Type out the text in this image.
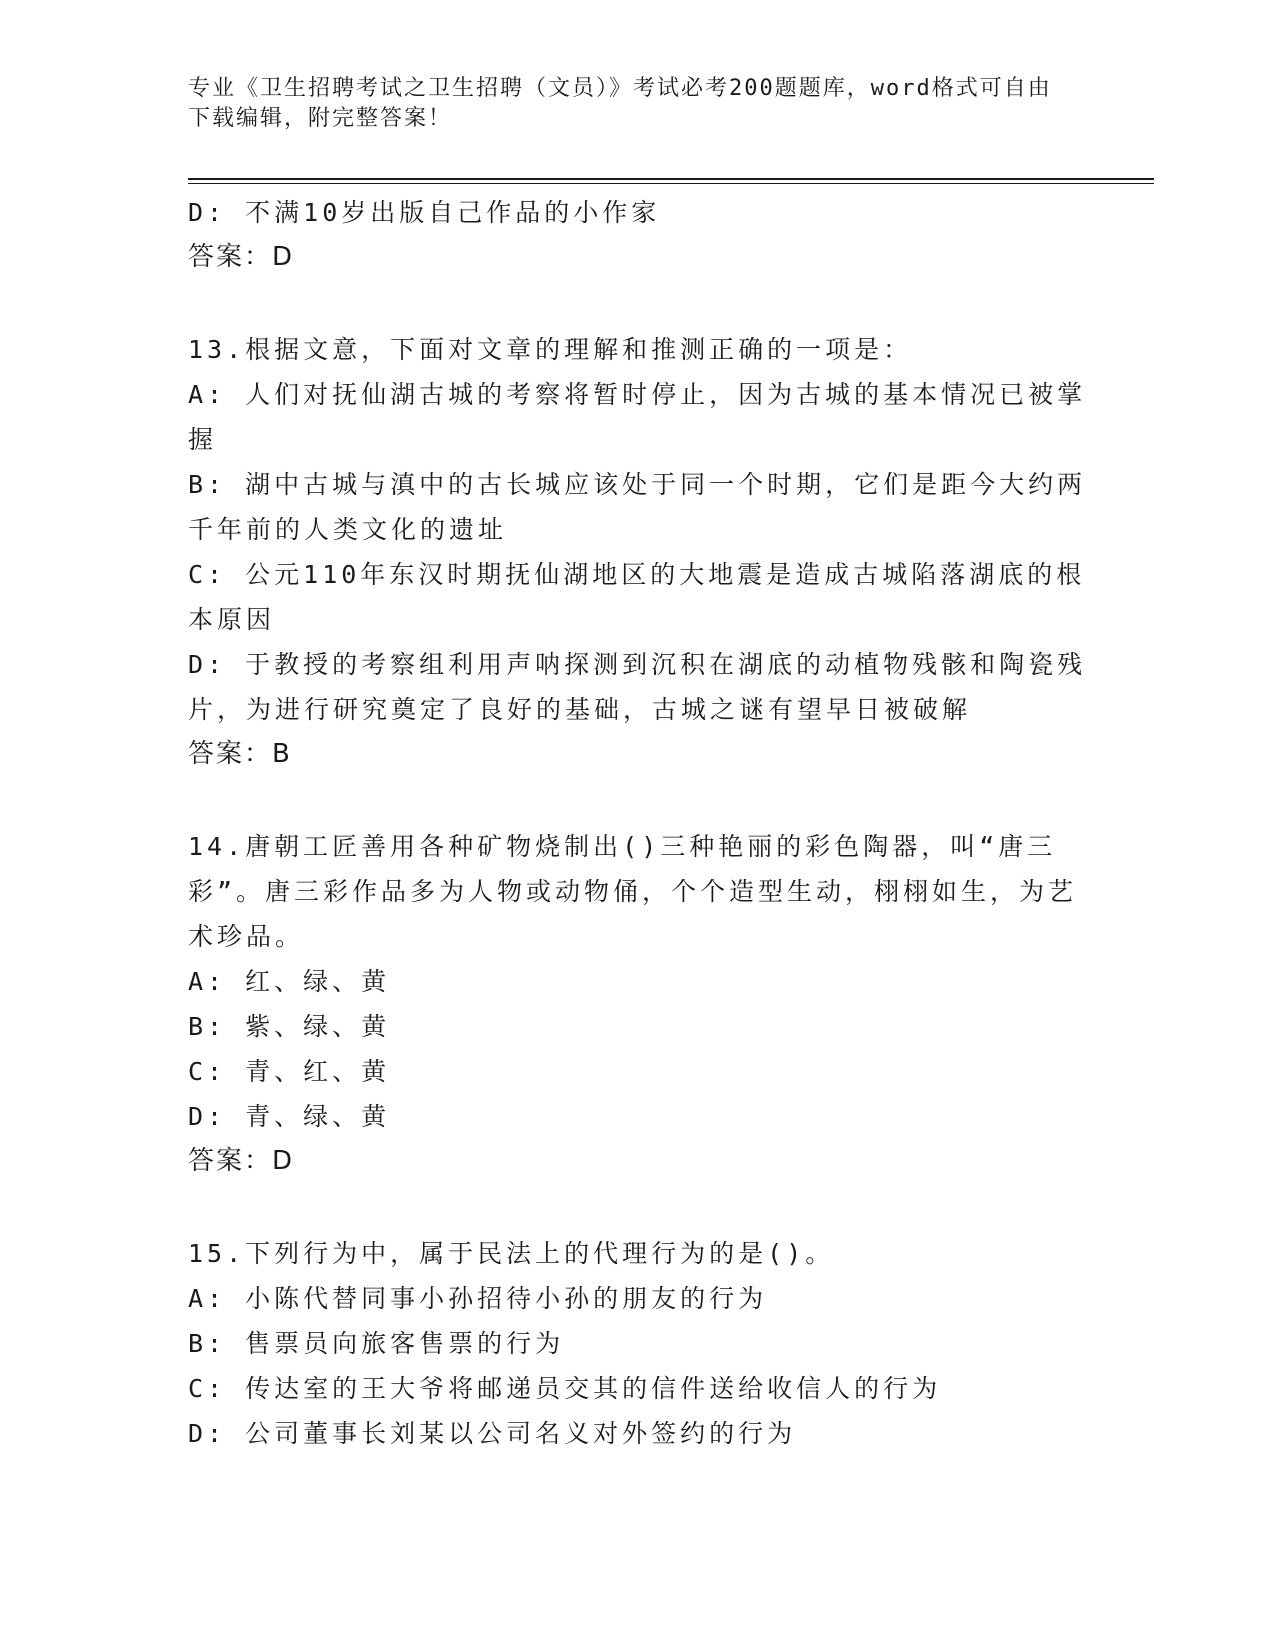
专业《卫生招聘考试之卫生招聘（文员）》考试必考200题题库，word格式可自由下载编辑，附完整答案！
D: 不满10岁出版自己作品的小作家
答案：D
13.根据文意，下面对文章的理解和推测正确的一项是：
A: 人们对抚仙湖古城的考察将暂时停止，因为古城的基本情况已被掌握
B: 湖中古城与滇中的古长城应该处于同一个时期，它们是距今大约两千年前的人类文化的遗址
C: 公元110年东汉时期抚仙湖地区的大地震是造成古城陷落湖底的根本原因
D: 于教授的考察组利用声呐探测到沉积在湖底的动植物残骸和陶瓷残片，为进行研究奠定了良好的基础，古城之谜有望早日被破解
答案：B
14.唐朝工匠善用各种矿物烧制出()三种艳丽的彩色陶器，叫“唐三彩”。唐三彩作品多为人物或动物俑，个个造型生动，栩栩如生，为艺术珍品。
A: 红、绿、黄
B: 紫、绿、黄
C: 青、红、黄
D: 青、绿、黄
答案：D
15.下列行为中，属于民法上的代理行为的是()。
A: 小陈代替同事小孙招待小孙的朋友的行为
B: 售票员向旅客售票的行为
C: 传达室的王大爷将邮递员交其的信件送给收信人的行为
D: 公司董事长刘某以公司名义对外签约的行为
